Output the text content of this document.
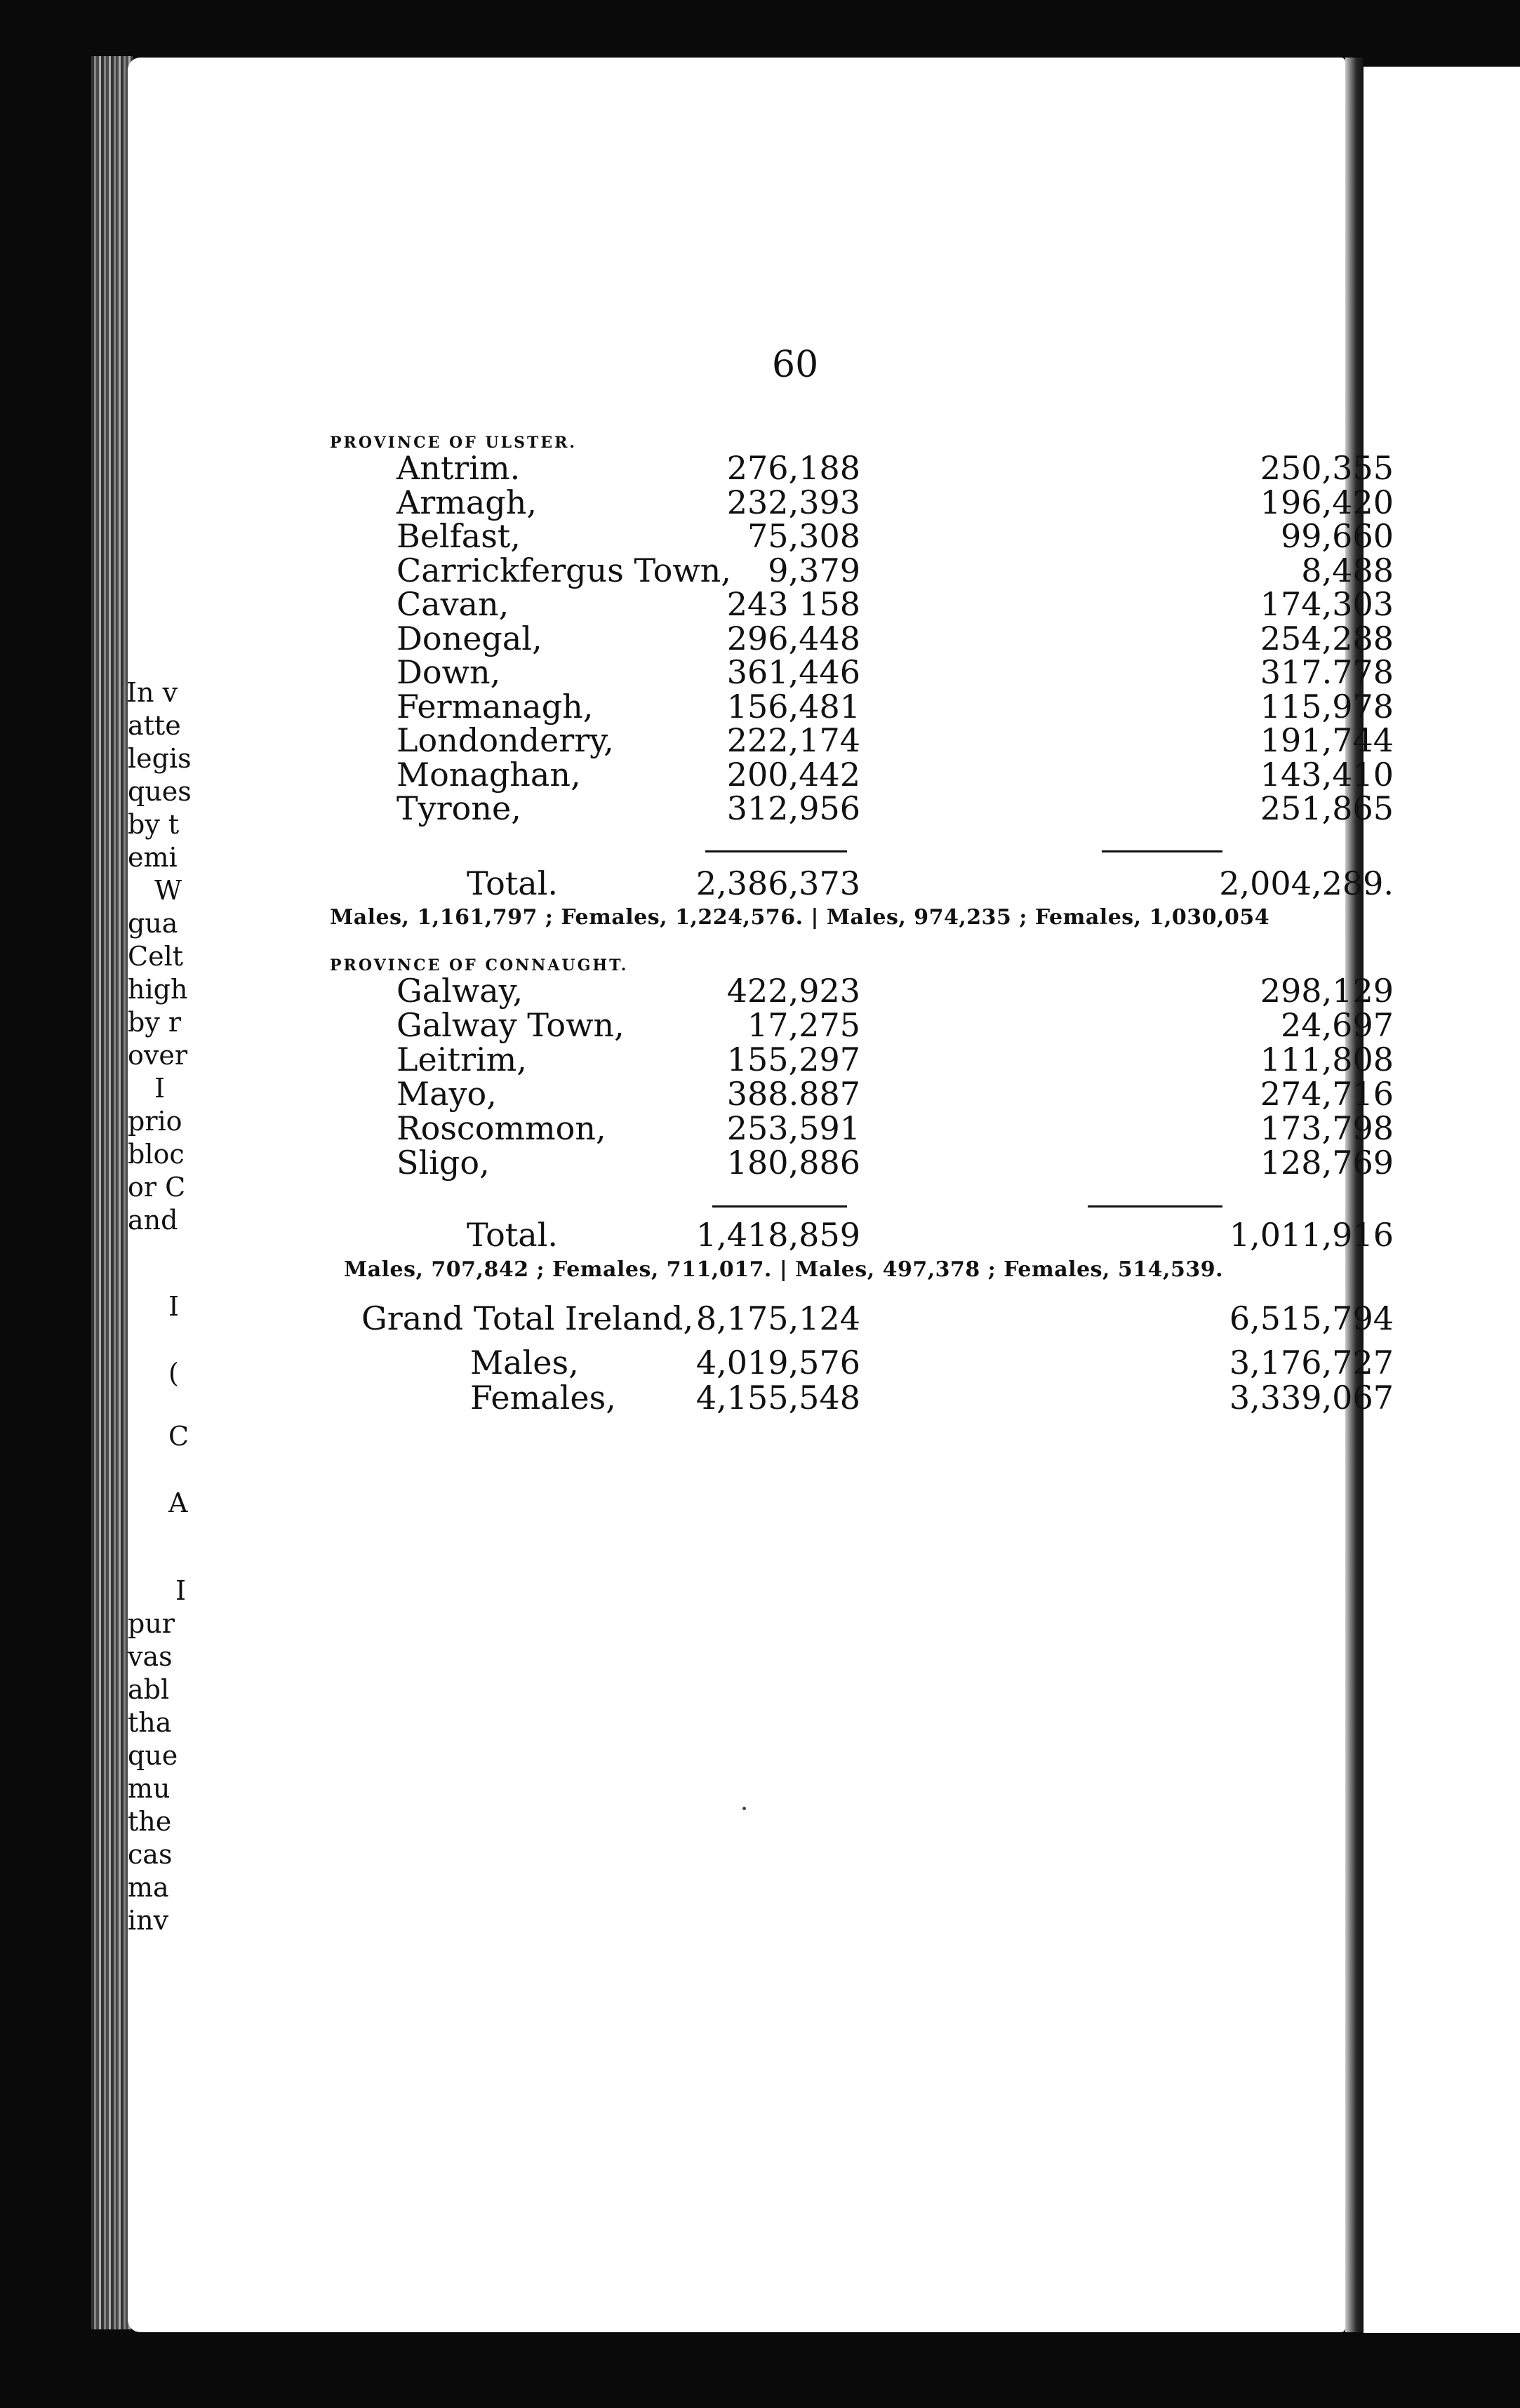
In v
atte
legis
ques
by t
emi
W
gua
Celt
high
by r
over
I
prio
bloc
or C
and
I
(
C
A
I
pur
vas
abl
tha
que
mu
the
cas
ma
inv
60
PROVINCE OF ULSTER.
Antrim.	276,188	250,355
Armagh,	232,393	196,420
Belfast,	75,308	99,660
Carrickfergus Town, 9,379	8,488
Cavan,	243 158	174,303
Donegal,	296,448	254,288
Down,	361,446	317.778
Fermanagh,	156,481	115,978
Londonderry,	222,174	191,744
Monaghan,	200,442	143,410
Tyrone,	312,956	251,865
Total.	2,386,373	2,004,289.
Males, 1,161,797 ; Females, 1,224,576. | Males, 974,235 ; Females, 1,030,054
PROVINCE OF CONNAUGHT.
Galway,	422,923	298,129
Galway Town,	17,275	24,697
Leitrim,	155,297	111,808
Mayo,	388.887	274,716
Roscommon,	253,591	173,798
Sligo,	180,886	128,769
Total.	1,418,859	1,011,916
Males, 707,842 ; Females, 711,017. | Males, 497,378 ; Females, 514,539.
Grand Total Ireland, 8,175,124	6,515,794
Males,	4,019,576	3,176,727
Females, 4,155,548	3,339,067
